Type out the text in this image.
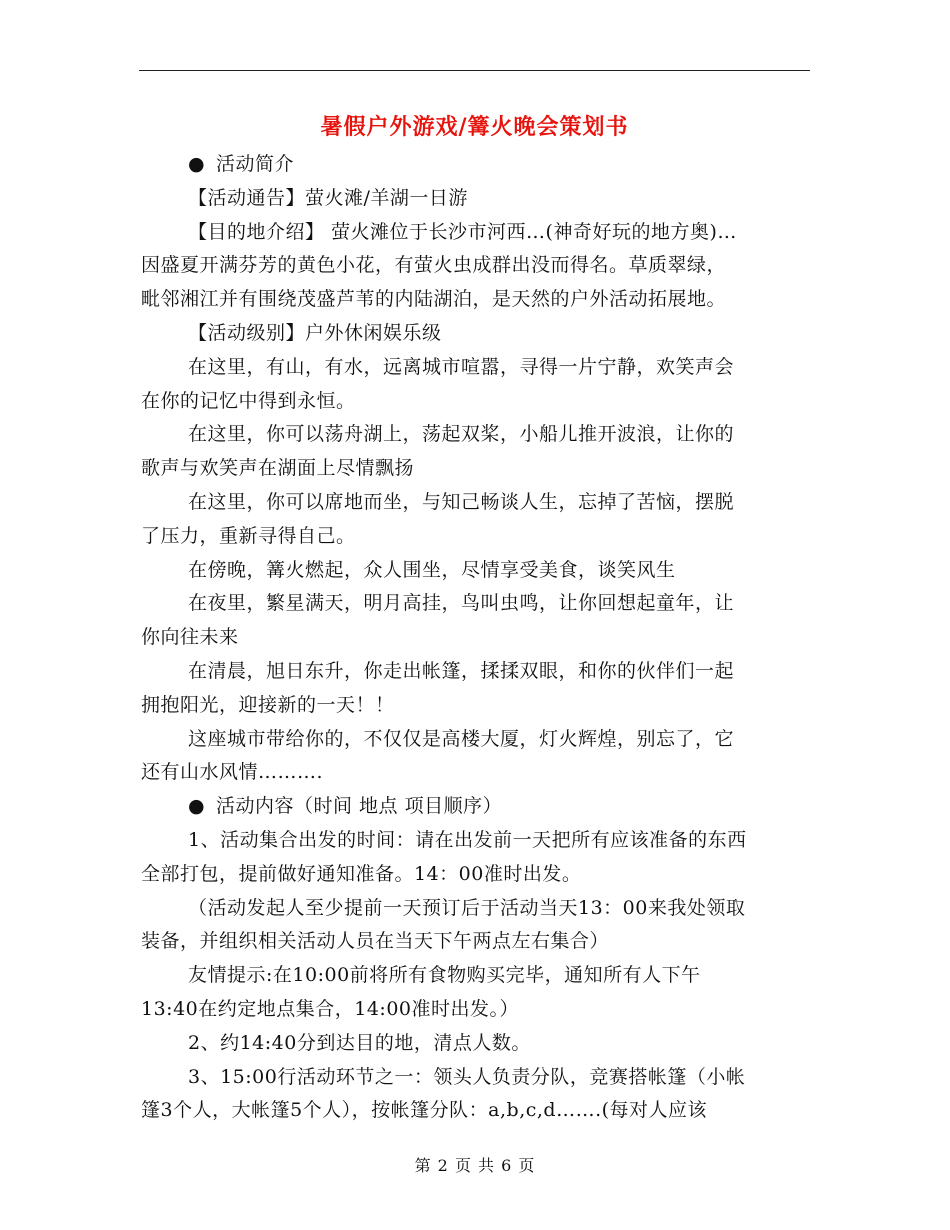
暑假户外游戏/篝火晚会策划书
● 活动简介
【活动通告】萤火滩/羊湖一日游
【目的地介绍】 萤火滩位于长沙市河西…(神奇好玩的地方奥)…
因盛夏开满芬芳的黄色小花，有萤火虫成群出没而得名。草质翠绿，
毗邻湘江并有围绕茂盛芦苇的内陆湖泊，是天然的户外活动拓展地。
【活动级别】户外休闲娱乐级
在这里，有山，有水，远离城市喧嚣，寻得一片宁静，欢笑声会
在你的记忆中得到永恒。
在这里，你可以荡舟湖上，荡起双桨，小船儿推开波浪，让你的
歌声与欢笑声在湖面上尽情飘扬
在这里，你可以席地而坐，与知己畅谈人生，忘掉了苦恼，摆脱
了压力，重新寻得自己。
在傍晚，篝火燃起，众人围坐，尽情享受美食，谈笑风生
在夜里，繁星满天，明月高挂，鸟叫虫鸣，让你回想起童年，让
你向往未来
在清晨，旭日东升，你走出帐篷，揉揉双眼，和你的伙伴们一起
拥抱阳光，迎接新的一天！！
这座城市带给你的，不仅仅是高楼大厦，灯火辉煌，别忘了，它
还有山水风情……….
● 活动内容（时间 地点 项目顺序）
1、活动集合出发的时间：请在出发前一天把所有应该准备的东西
全部打包，提前做好通知准备。14：00准时出发。
（活动发起人至少提前一天预订后于活动当天13：00来我处领取
装备，并组织相关活动人员在当天下午两点左右集合）
友情提示:在10:00前将所有食物购买完毕，通知所有人下午
13:40在约定地点集合，14:00准时出发。）
2、约14:40分到达目的地，清点人数。
3、15:00行活动环节之一：领头人负责分队，竞赛搭帐篷（小帐
篷3个人，大帐篷5个人），按帐篷分队：a,b,c,d…….(每对人应该
第 2 页 共 6 页
